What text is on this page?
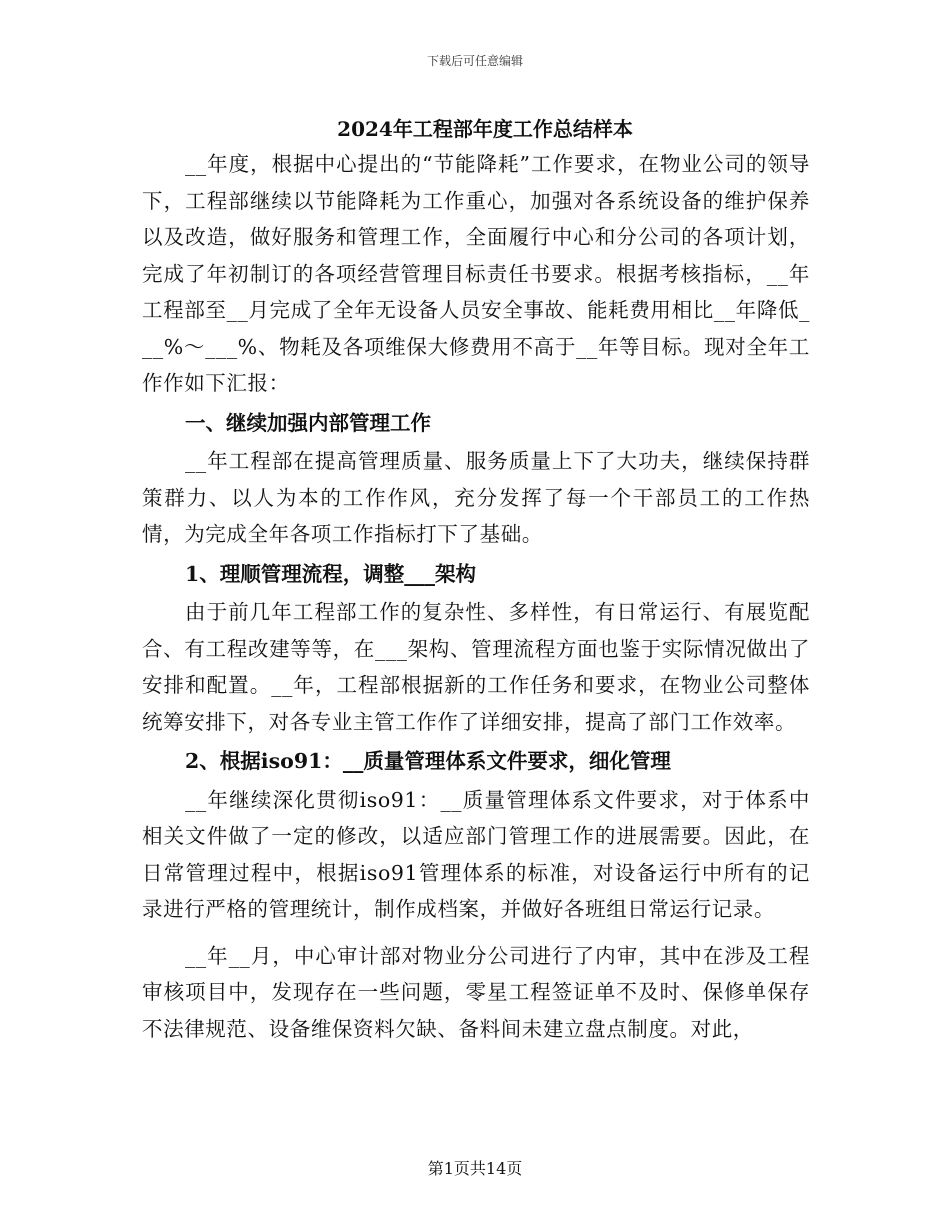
下载后可任意编辑
2024年工程部年度工作总结样本

__年度，根据中心提出的“节能降耗”工作要求，在物业公司的领导下，工程部继续以节能降耗为工作重心，加强对各系统设备的维护保养以及改造，做好服务和管理工作，全面履行中心和分公司的各项计划，完成了年初制订的各项经营管理目标责任书要求。根据考核指标，__年工程部至__月完成了全年无设备人员安全事故、能耗费用相比__年降低___%～___%、物耗及各项维保大修费用不高于__年等目标。现对全年工作作如下汇报：

一、继续加强内部管理工作

__年工程部在提高管理质量、服务质量上下了大功夫，继续保持群策群力、以人为本的工作作风，充分发挥了每一个干部员工的工作热情，为完成全年各项工作指标打下了基础。

1、理顺管理流程，调整___架构

由于前几年工程部工作的复杂性、多样性，有日常运行、有展览配合、有工程改建等等，在___架构、管理流程方面也鉴于实际情况做出了安排和配置。__年，工程部根据新的工作任务和要求，在物业公司整体统筹安排下，对各专业主管工作作了详细安排，提高了部门工作效率。

2、根据iso91：__质量管理体系文件要求，细化管理

__年继续深化贯彻iso91：__质量管理体系文件要求，对于体系中相关文件做了一定的修改，以适应部门管理工作的进展需要。因此，在日常管理过程中，根据iso91管理体系的标准，对设备运行中所有的记录进行严格的管理统计，制作成档案，并做好各班组日常运行记录。

__年__月，中心审计部对物业分公司进行了内审，其中在涉及工程审核项目中，发现存在一些问题，零星工程签证单不及时、保修单保存不法律规范、设备维保资料欠缺、备料间未建立盘点制度。对此，

第1页共14页
